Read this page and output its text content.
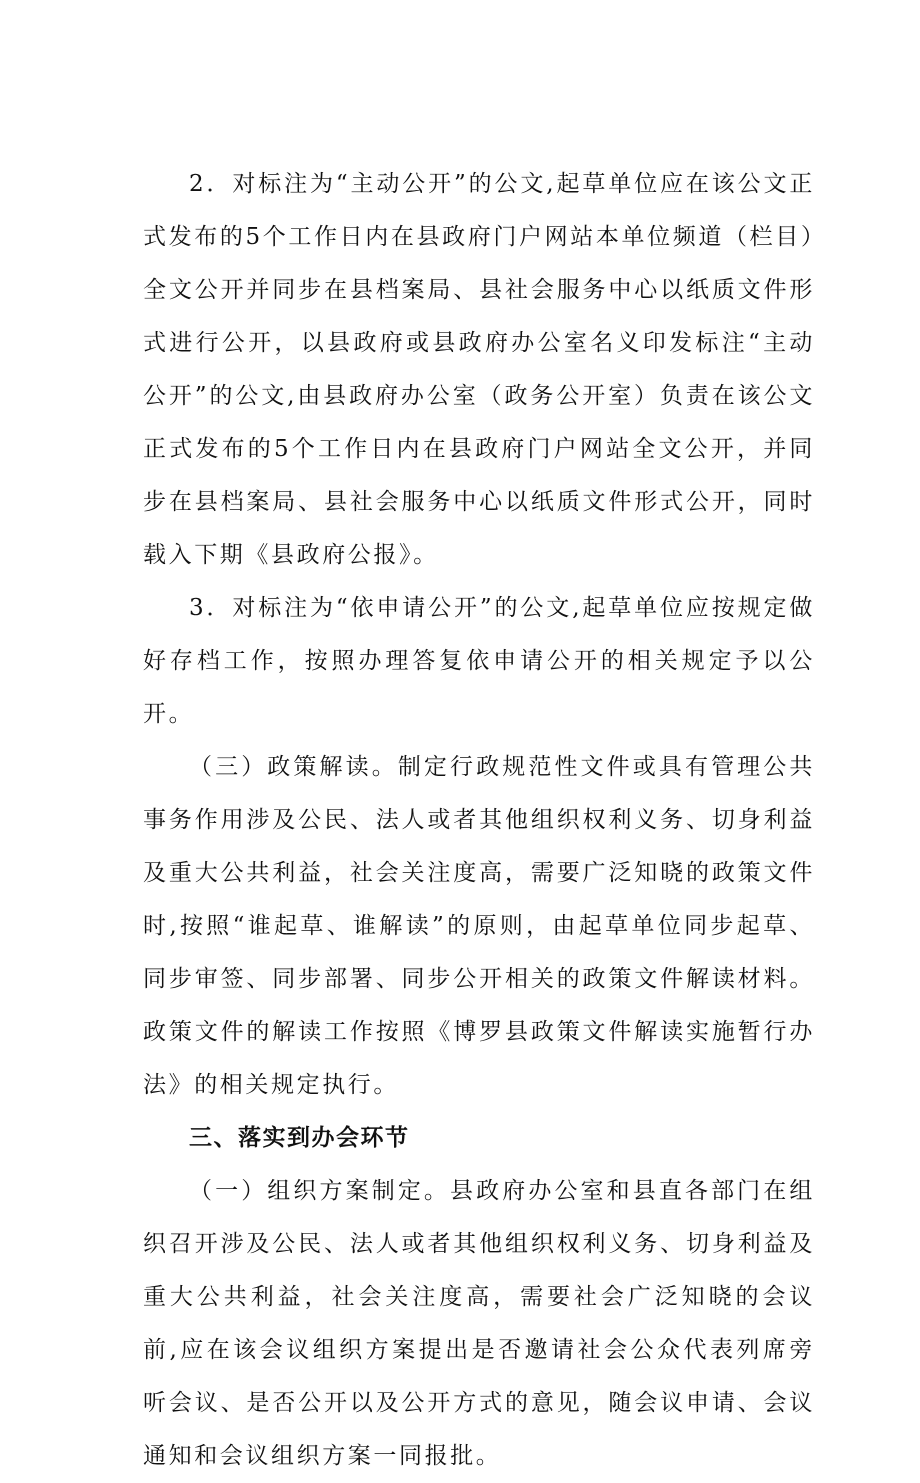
2．对标注为“主动公开”的公文,起草单位应在该公文正式发布的5个工作日内在县政府门户网站本单位频道（栏目）全文公开并同步在县档案局、县社会服务中心以纸质文件形式进行公开，以县政府或县政府办公室名义印发标注“主动公开”的公文,由县政府办公室（政务公开室）负责在该公文正式发布的5个工作日内在县政府门户网站全文公开，并同步在县档案局、县社会服务中心以纸质文件形式公开，同时载入下期《县政府公报》。

3．对标注为“依申请公开”的公文,起草单位应按规定做好存档工作，按照办理答复依申请公开的相关规定予以公开。

（三）政策解读。制定行政规范性文件或具有管理公共事务作用涉及公民、法人或者其他组织权利义务、切身利益及重大公共利益，社会关注度高，需要广泛知晓的政策文件时,按照“谁起草、谁解读”的原则，由起草单位同步起草、同步审签、同步部署、同步公开相关的政策文件解读材料。政策文件的解读工作按照《博罗县政策文件解读实施暂行办法》的相关规定执行。

三、落实到办会环节

（一）组织方案制定。县政府办公室和县直各部门在组织召开涉及公民、法人或者其他组织权利义务、切身利益及重大公共利益，社会关注度高，需要社会广泛知晓的会议前,应在该会议组织方案提出是否邀请社会公众代表列席旁听会议、是否公开以及公开方式的意见，随会议申请、会议通知和会议组织方案一同报批。
